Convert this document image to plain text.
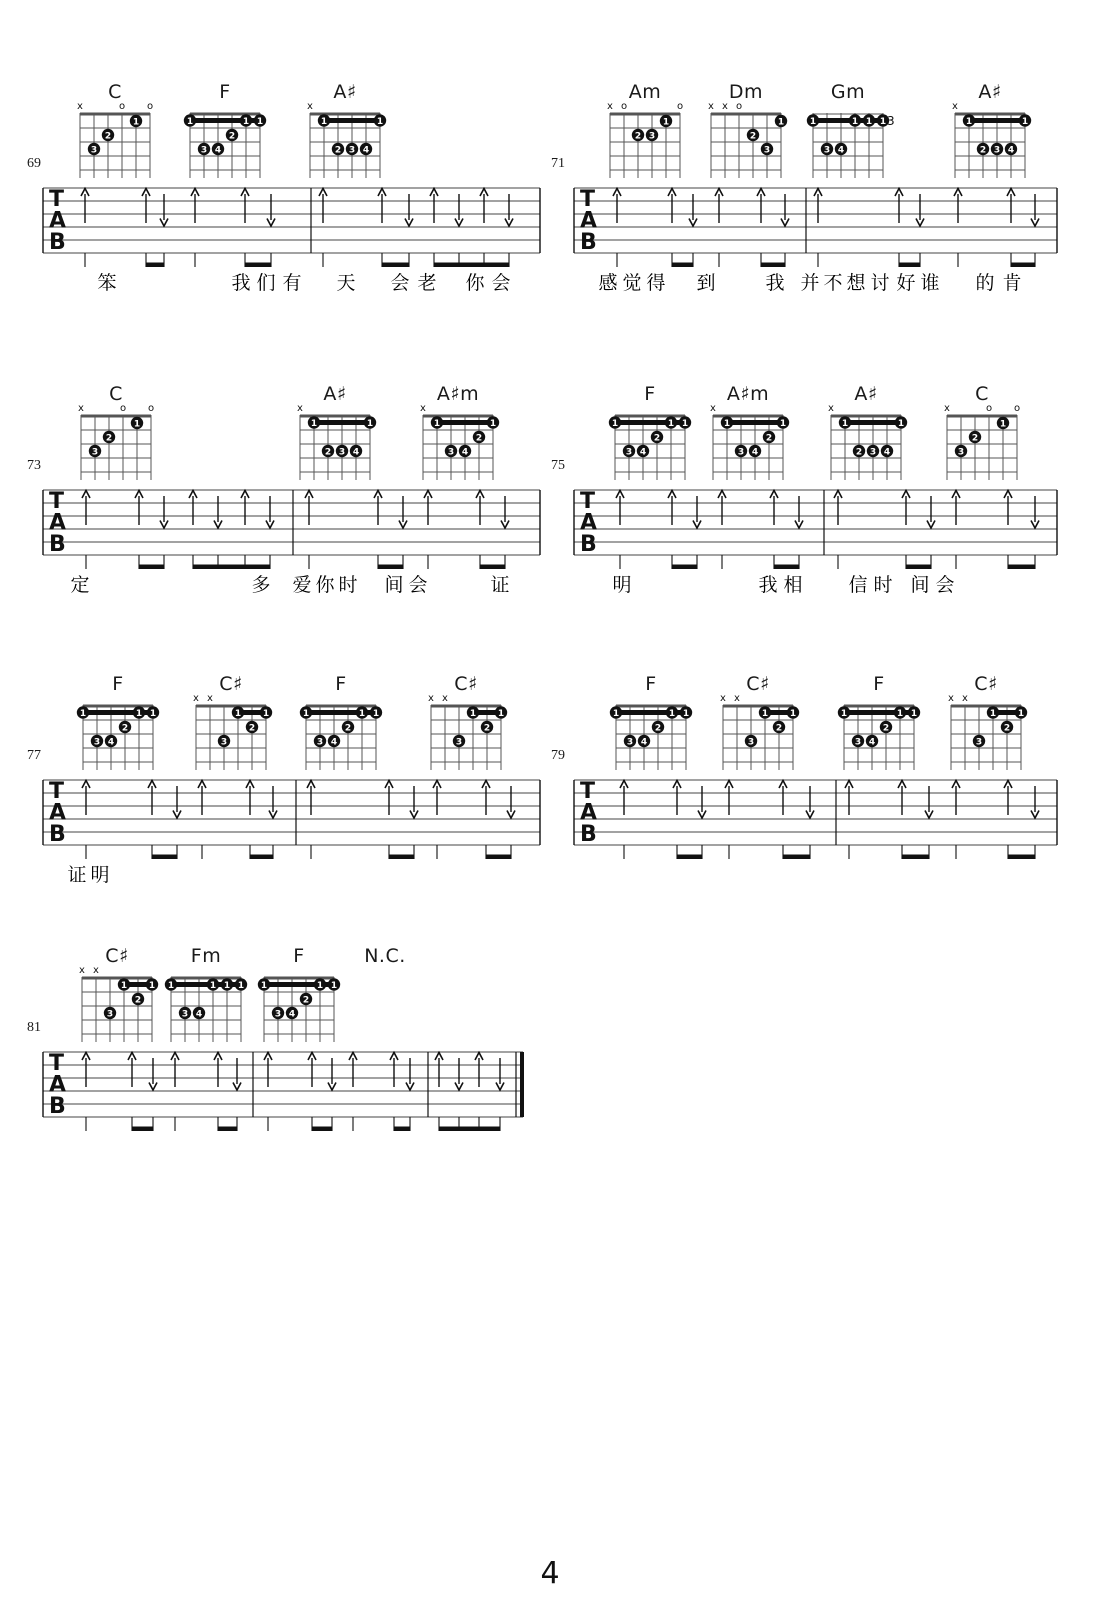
69
C
x	o o
1
2
3
F
1	1 1
2
3 4
A♯
x
1	1
2 3 4
T
A
B
笨	我 们 有 天 会 老 你 会
71
Am
x o	o
1
2 3
Dm
x x o
1
2
3
Gm
1	1 1 1
3 4
3
A♯
x
1	1
2 3 4
T
A
B
感 觉 得 到	我 并 不 想 讨 好 谁 的 肯
73
C
x	o o
1
2
3
A♯
x
1	1
2 3 4
A♯m
x
1	1
2
3 4
T
A
B
定	多 爱 你 时 间 会	证
75
F
1	1 1
2
3 4
A♯m
x
1	1
2
3 4
A♯
x
1	1
2 3 4
C
x	o o
1
2
3
T
A
B
明	我 相 信 时 间 会
77
F
1	1 1
2
3 4
C♯
x x
1 1
2
3
F
1	1 1
2
3 4
C♯
x x
1 1
2
3
T
A
B
证 明
79
F
1	1 1
2
3 4
C♯
x x
1 1
2
3
F
1	1 1
2
3 4
C♯
x x
1 1
2
3
T
A
B
81
C♯
x x
1 1
2
3
Fm
1	1 1 1
3 4
F
1	1 1
2
3 4
N.C.
T
A
B
4
